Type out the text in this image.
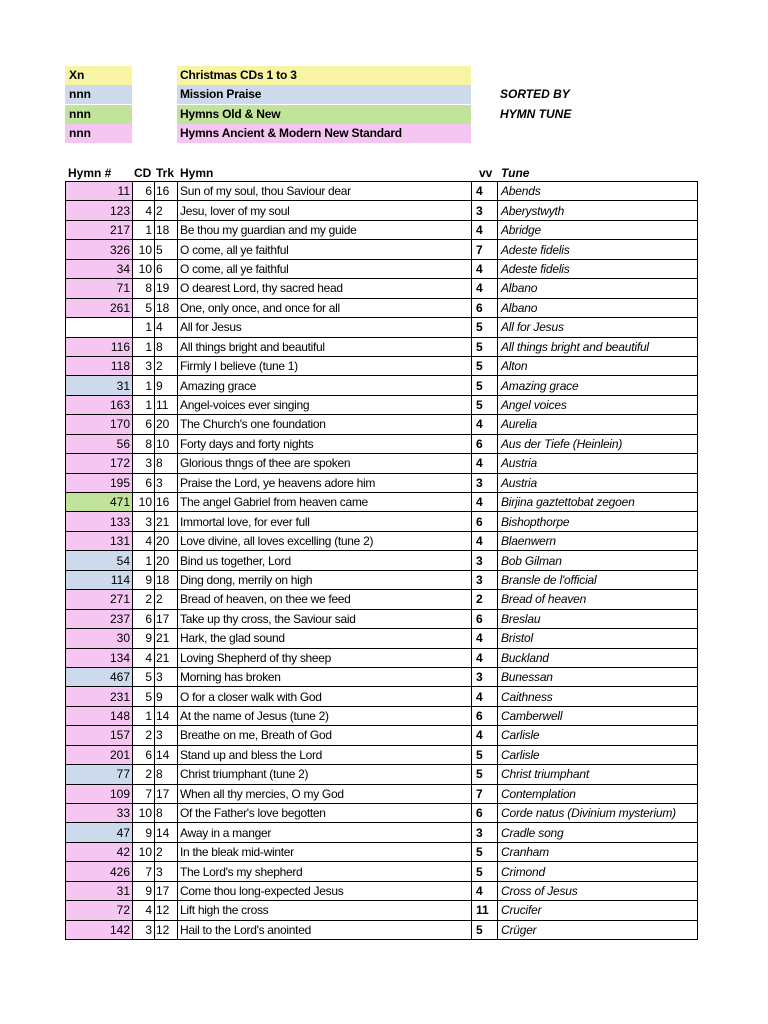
Xn	Christmas CDs 1 to 3
nnn	Mission Praise
nnn	Hymns Old & New
nnn	Hymns Ancient & Modern New Standard
SORTED BY
HYMN TUNE
Hymn # CD Trk Hymn	vv Tune
11	6	16	Sun of my soul, thou Saviour dear	4	Abends
123	4	2	Jesu, lover of my soul	3	Aberystwyth
217	1	18	Be thou my guardian and my guide	4	Abridge
326	10	5	O come, all ye faithful	7	Adeste fidelis
34	10	6	O come, all ye faithful	4	Adeste fidelis
71	8	19	O dearest Lord, thy sacred head	4	Albano
261	5	18	One, only once, and once for all	6	Albano
	1	4	All for Jesus	5	All for Jesus
116	1	8	All things bright and beautiful	5	All things bright and beautiful
118	3	2	Firmly I believe (tune 1)	5	Alton
31	1	9	Amazing grace	5	Amazing grace
163	1	11	Angel-voices ever singing	5	Angel voices
170	6	20	The Church's one foundation	4	Aurelia
56	8	10	Forty days and forty nights	6	Aus der Tiefe (Heinlein)
172	3	8	Glorious thngs of thee are spoken	4	Austria
195	6	3	Praise the Lord, ye heavens adore him	3	Austria
471	10	16	The angel Gabriel from heaven came	4	Birjina gaztettobat zegoen
133	3	21	Immortal love, for ever full	6	Bishopthorpe
131	4	20	Love divine, all loves excelling (tune 2)	4	Blaenwern
54	1	20	Bind us together, Lord	3	Bob Gilman
114	9	18	Ding dong, merrily on high	3	Bransle de l'official
271	2	2	Bread of heaven, on thee we feed	2	Bread of heaven
237	6	17	Take up thy cross, the Saviour said	6	Breslau
30	9	21	Hark, the glad sound	4	Bristol
134	4	21	Loving Shepherd of thy sheep	4	Buckland
467	5	3	Morning has broken	3	Bunessan
231	5	9	O for a closer walk with God	4	Caithness
148	1	14	At the name of Jesus (tune 2)	6	Camberwell
157	2	3	Breathe on me, Breath of God	4	Carlisle
201	6	14	Stand up and bless the Lord	5	Carlisle
77	2	8	Christ triumphant (tune 2)	5	Christ triumphant
109	7	17	When all thy mercies, O my God	7	Contemplation
33	10	8	Of the Father's love begotten	6	Corde natus (Divinium mysterium)
47	9	14	Away in a manger	3	Cradle song
42	10	2	In the bleak mid-winter	5	Cranham
426	7	3	The Lord's my shepherd	5	Crimond
31	9	17	Come thou long-expected Jesus	4	Cross of Jesus
72	4	12	Lift high the cross	11	Crucifer
142	3	12	Hail to the Lord's anointed	5	Crüger
